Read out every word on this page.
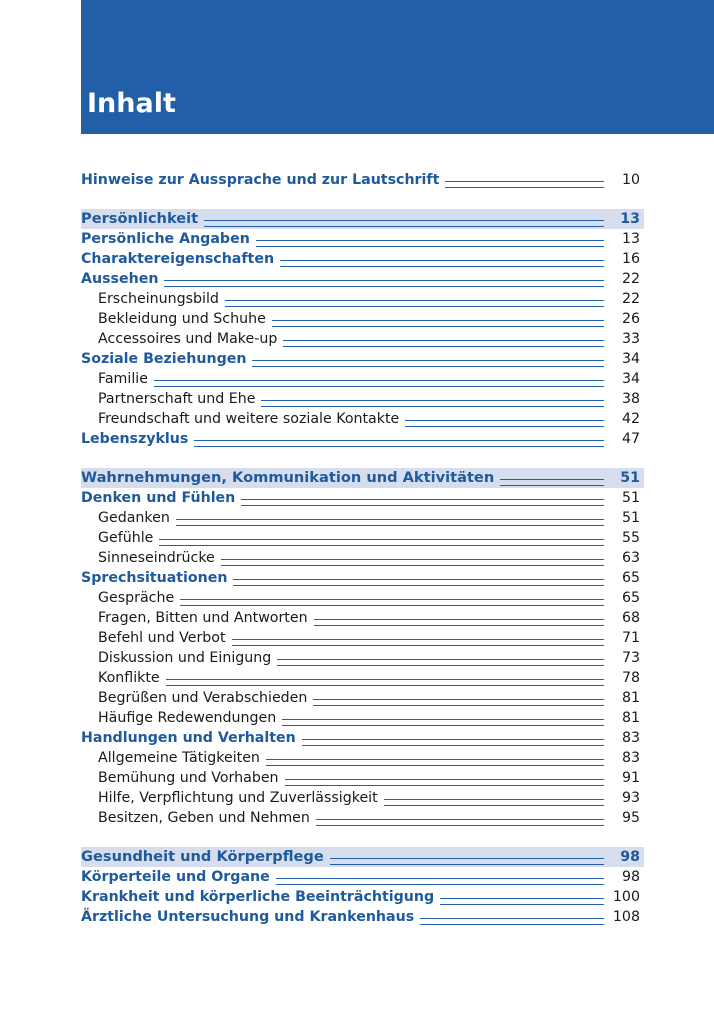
Inhalt
Hinweise zur Aussprache und zur Lautschrift	10
Persönlichkeit	13
Persönliche Angaben	13
Charaktereigenschaften	16
Aussehen	22
Erscheinungsbild	22
Bekleidung und Schuhe	26
Accessoires und Make-up	33
Soziale Beziehungen	34
Familie	34
Partnerschaft und Ehe	38
Freundschaft und weitere soziale Kontakte	42
Lebenszyklus	47
Wahrnehmungen, Kommunikation und Aktivitäten	51
Denken und Fühlen	51
Gedanken	51
Gefühle	55
Sinneseindrücke	63
Sprechsituationen	65
Gespräche	65
Fragen, Bitten und Antworten	68
Befehl und Verbot	71
Diskussion und Einigung	73
Konflikte	78
Begrüßen und Verabschieden	81
Häufige Redewendungen	81
Handlungen und Verhalten	83
Allgemeine Tätigkeiten	83
Bemühung und Vorhaben	91
Hilfe, Verpflichtung und Zuverlässigkeit	93
Besitzen, Geben und Nehmen	95
Gesundheit und Körperpflege	98
Körperteile und Organe	98
Krankheit und körperliche Beeinträchtigung	100
Ärztliche Untersuchung und Krankenhaus	108
